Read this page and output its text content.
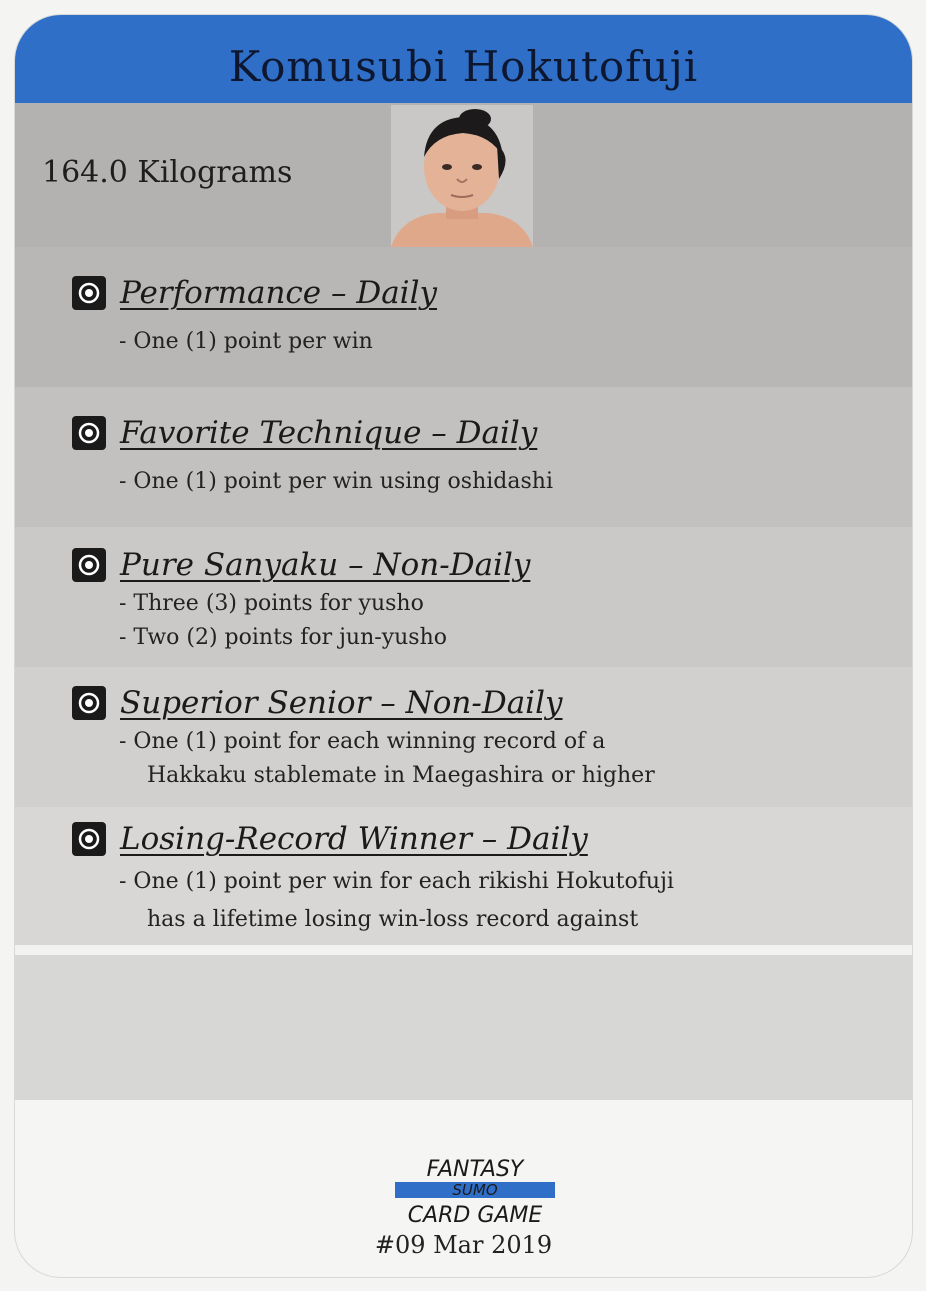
Komusubi Hokutofuji
164.0 Kilograms
Performance – Daily
- One (1) point per win
Favorite Technique – Daily
- One (1) point per win using oshidashi
Pure Sanyaku – Non-Daily
- Three (3) points for yusho
- Two (2) points for jun-yusho
Superior Senior – Non-Daily
- One (1) point for each winning record of a
Hakkaku stablemate in Maegashira or higher
Losing-Record Winner – Daily
- One (1) point per win for each rikishi Hokutofuji
has a lifetime losing win-loss record against
FANTASY
SUMO
CARD GAME
#09 Mar 2019
